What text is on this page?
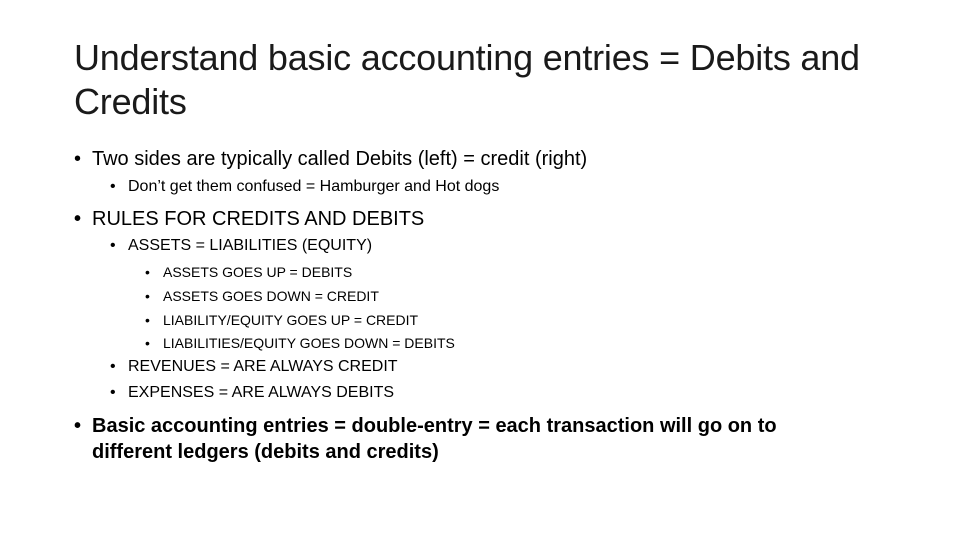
Understand basic accounting entries = Debits and Credits
• Two sides are typically called Debits (left) = credit (right)
• Don’t get them confused = Hamburger and Hot dogs
• RULES FOR CREDITS AND DEBITS
• ASSETS = LIABILITIES (EQUITY)
• ASSETS GOES UP = DEBITS
• ASSETS GOES DOWN = CREDIT
• LIABILITY/EQUITY GOES UP = CREDIT
• LIABILITIES/EQUITY GOES DOWN = DEBITS
• REVENUES = ARE ALWAYS CREDIT
• EXPENSES = ARE ALWAYS DEBITS
• Basic accounting entries = double-entry = each transaction will go on to
different ledgers (debits and credits)
